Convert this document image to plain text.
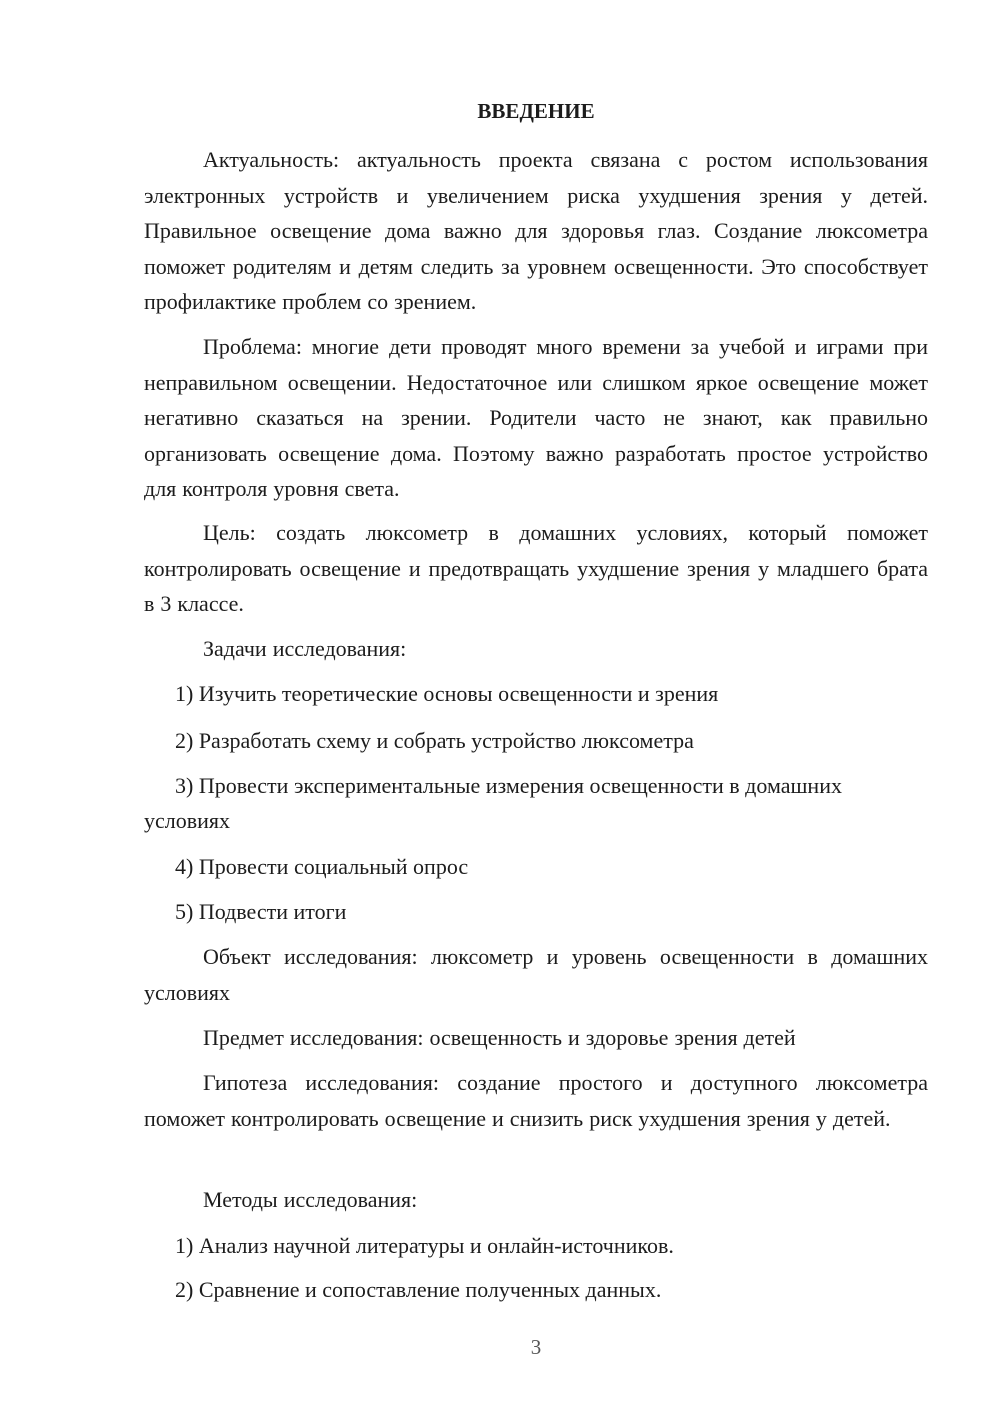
ВВЕДЕНИЕ

Актуальность: актуальность проекта связана с ростом использования электронных устройств и увеличением риска ухудшения зрения у детей. Правильное освещение дома важно для здоровья глаз. Создание люксометра поможет родителям и детям следить за уровнем освещенности. Это способствует профилактике проблем со зрением.

Проблема: многие дети проводят много времени за учебой и играми при неправильном освещении. Недостаточное или слишком яркое освещение может негативно сказаться на зрении. Родители часто не знают, как правильно организовать освещение дома. Поэтому важно разработать простое устройство для контроля уровня света.

Цель: создать люксометр в домашних условиях, который поможет контролировать освещение и предотвращать ухудшение зрения у младшего брата в 3 классе.

Задачи исследования:

1) Изучить теоретические основы освещенности и зрения

2) Разработать схему и собрать устройство люксометра

3) Провести экспериментальные измерения освещенности в домашних условиях

4) Провести социальный опрос

5) Подвести итоги

Объект исследования: люксометр и уровень освещенности в домашних условиях

Предмет исследования: освещенность и здоровье зрения детей

Гипотеза исследования: создание простого и доступного люксометра поможет контролировать освещение и снизить риск ухудшения зрения у детей.

Методы исследования:

1) Анализ научной литературы и онлайн-источников.

2) Сравнение и сопоставление полученных данных.

3
